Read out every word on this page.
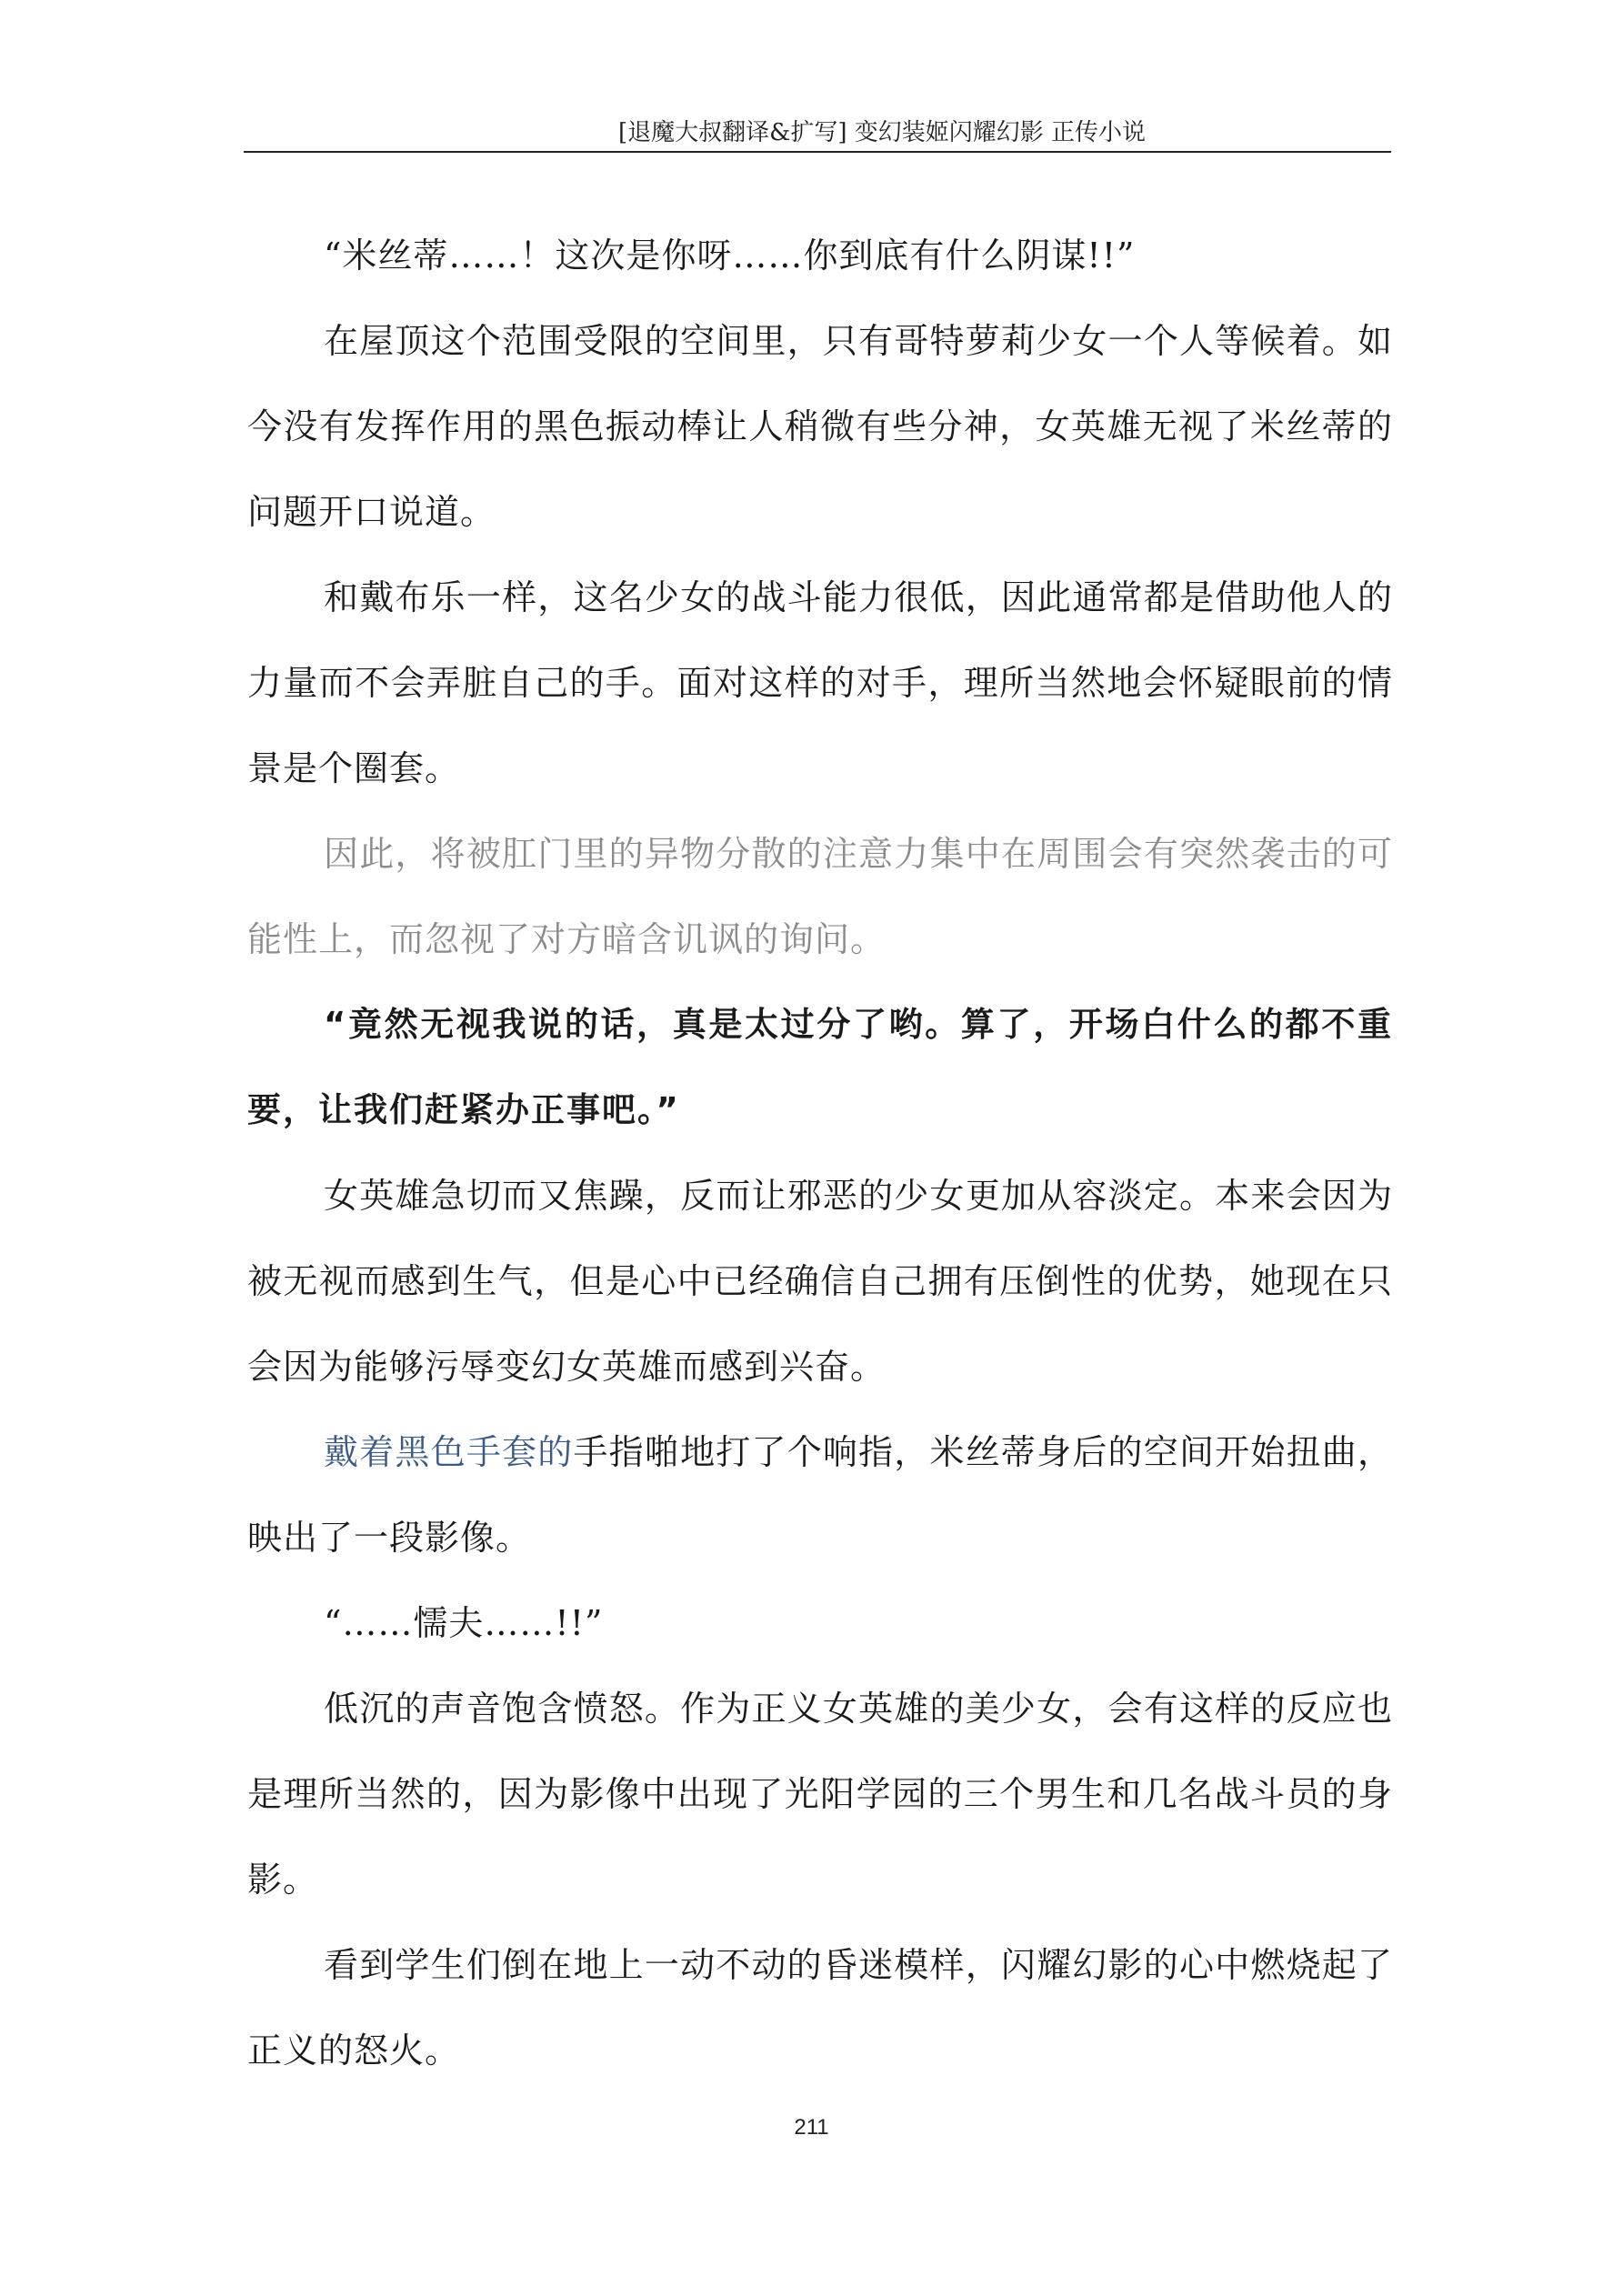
[退魔大叔翻译&扩写] 变幻装姬闪耀幻影 正传小说

“米丝蒂……！这次是你呀……你到底有什么阴谋!!”

在屋顶这个范围受限的空间里，只有哥特萝莉少女一个人等候着。如今没有发挥作用的黑色振动棒让人稍微有些分神，女英雄无视了米丝蒂的问题开口说道。

和戴布乐一样，这名少女的战斗能力很低，因此通常都是借助他人的力量而不会弄脏自己的手。面对这样的对手，理所当然地会怀疑眼前的情景是个圈套。

因此，将被肛门里的异物分散的注意力集中在周围会有突然袭击的可能性上，而忽视了对方暗含讥讽的询问。

“竟然无视我说的话，真是太过分了哟。算了，开场白什么的都不重要，让我们赶紧办正事吧。”

女英雄急切而又焦躁，反而让邪恶的少女更加从容淡定。本来会因为被无视而感到生气，但是心中已经确信自己拥有压倒性的优势，她现在只会因为能够污辱变幻女英雄而感到兴奋。

戴着黑色手套的手指啪地打了个响指，米丝蒂身后的空间开始扭曲，映出了一段影像。

“……懦夫……!!”

低沉的声音饱含愤怒。作为正义女英雄的美少女，会有这样的反应也是理所当然的，因为影像中出现了光阳学园的三个男生和几名战斗员的身影。

看到学生们倒在地上一动不动的昏迷模样，闪耀幻影的心中燃烧起了正义的怒火。

211
